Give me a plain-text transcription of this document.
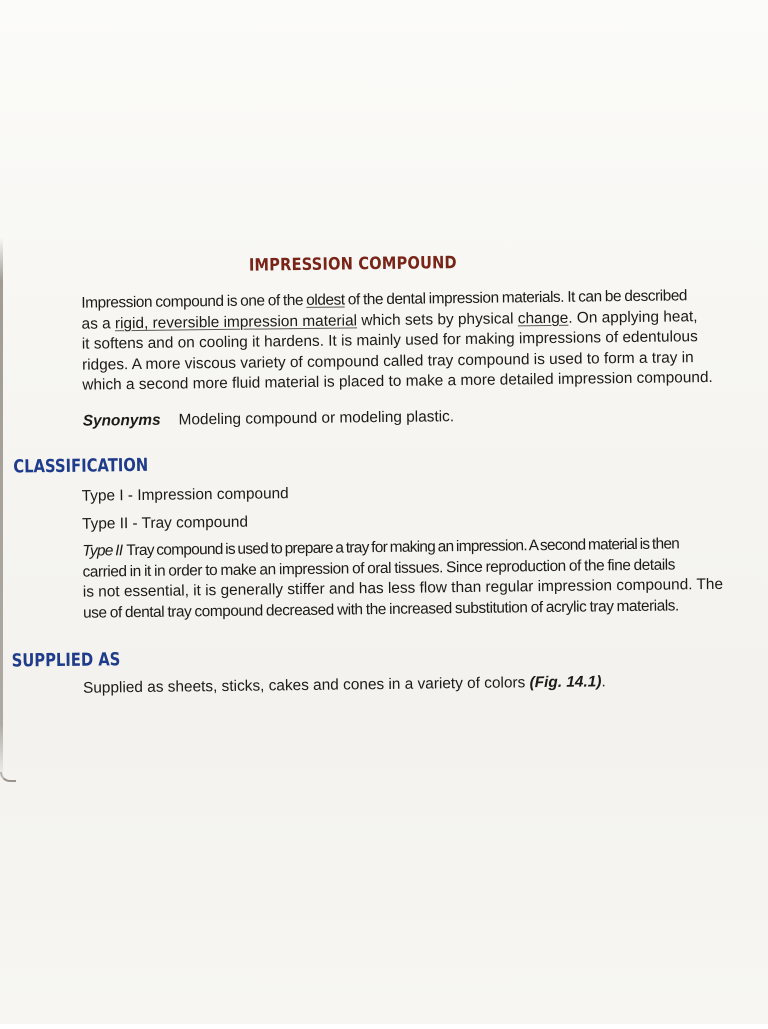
IMPRESSION COMPOUND
Impression compound is one of the oldest of the dental impression materials. It can be described
as a rigid, reversible impression material which sets by physical change. On applying heat,
it softens and on cooling it hardens. It is mainly used for making impressions of edentulous
ridges. A more viscous variety of compound called tray compound is used to form a tray in
which a second more fluid material is placed to make a more detailed impression compound.
Synonyms Modeling compound or modeling plastic.
CLASSIFICATION
Type I - Impression compound
Type II - Tray compound
Type II Tray compound is used to prepare a tray for making an impression. A second material is then
carried in it in order to make an impression of oral tissues. Since reproduction of the fine details
is not essential, it is generally stiffer and has less flow than regular impression compound. The
use of dental tray compound decreased with the increased substitution of acrylic tray materials.
SUPPLIED AS
Supplied as sheets, sticks, cakes and cones in a variety of colors (Fig. 14.1).
